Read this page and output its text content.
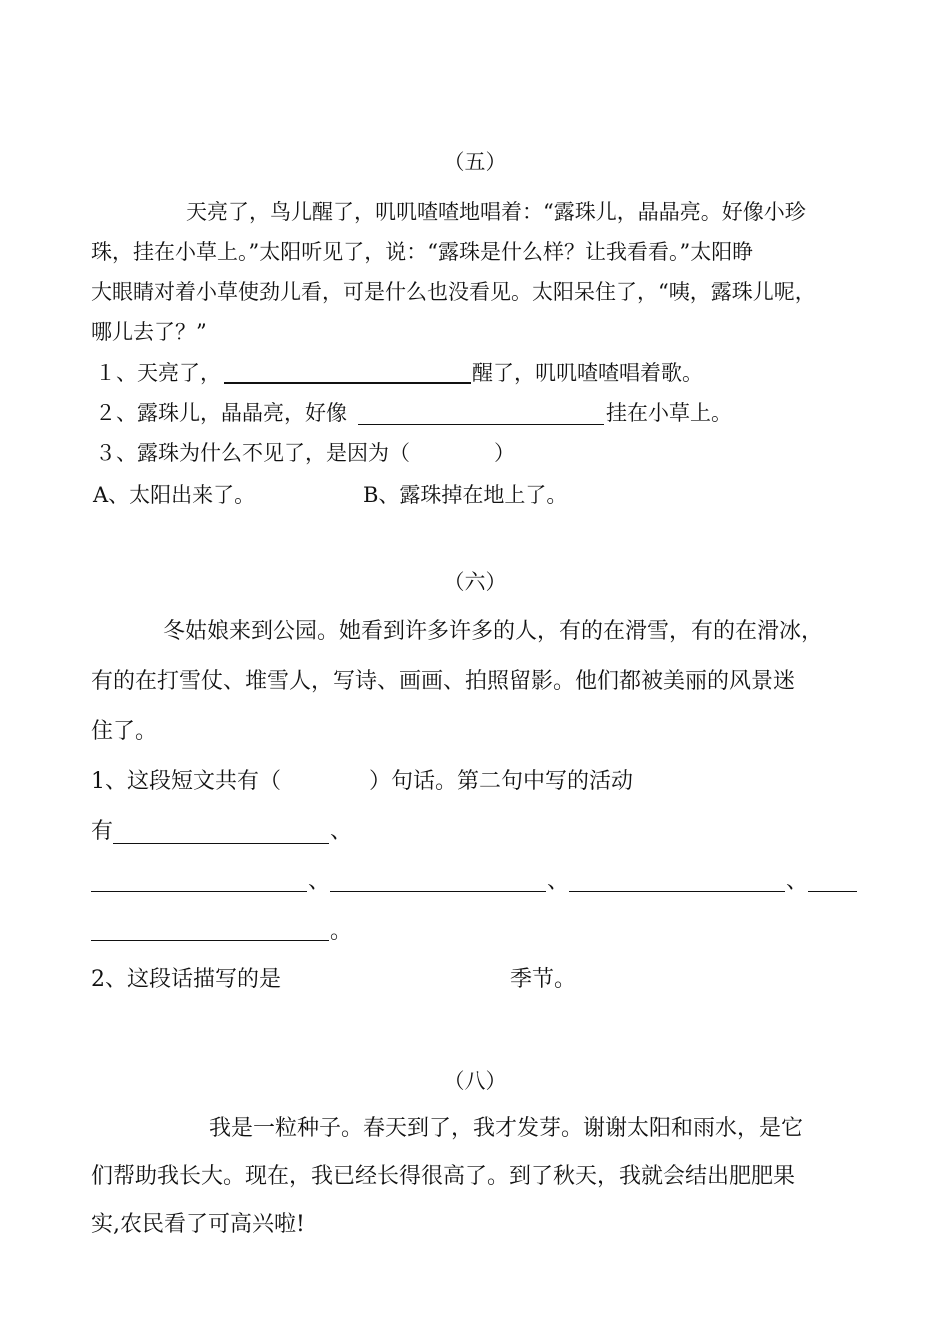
（五）
天亮了，鸟儿醒了，叽叽喳喳地唱着：“露珠儿，晶晶亮。好像小珍
珠，挂在小草上。”太阳听见了，说：“露珠是什么样？让我看看。”太阳睁
大眼睛对着小草使劲儿看，可是什么也没看见。太阳呆住了，“咦，露珠儿呢，
哪儿去了？”
１、天亮了，	醒了，叽叽喳喳唱着歌。
２、露珠儿，晶晶亮，好像	挂在小草上。
３、露珠为什么不见了，是因为（　　　　）
A、太阳出来了。	B、露珠掉在地上了。
（六）
冬姑娘来到公园。她看到许多许多的人，有的在滑雪，有的在滑冰，
有的在打雪仗、堆雪人，写诗、画画、拍照留影。他们都被美丽的风景迷
住了。
1、这段短文共有（　　　　）句话。第二句中写的活动
有	、
、	、	、
。
2、这段话描写的是	季节。
（八）
我是一粒种子。春天到了，我才发芽。谢谢太阳和雨水，是它
们帮助我长大。现在，我已经长得很高了。到了秋天，我就会结出肥肥果
实,农民看了可高兴啦!
